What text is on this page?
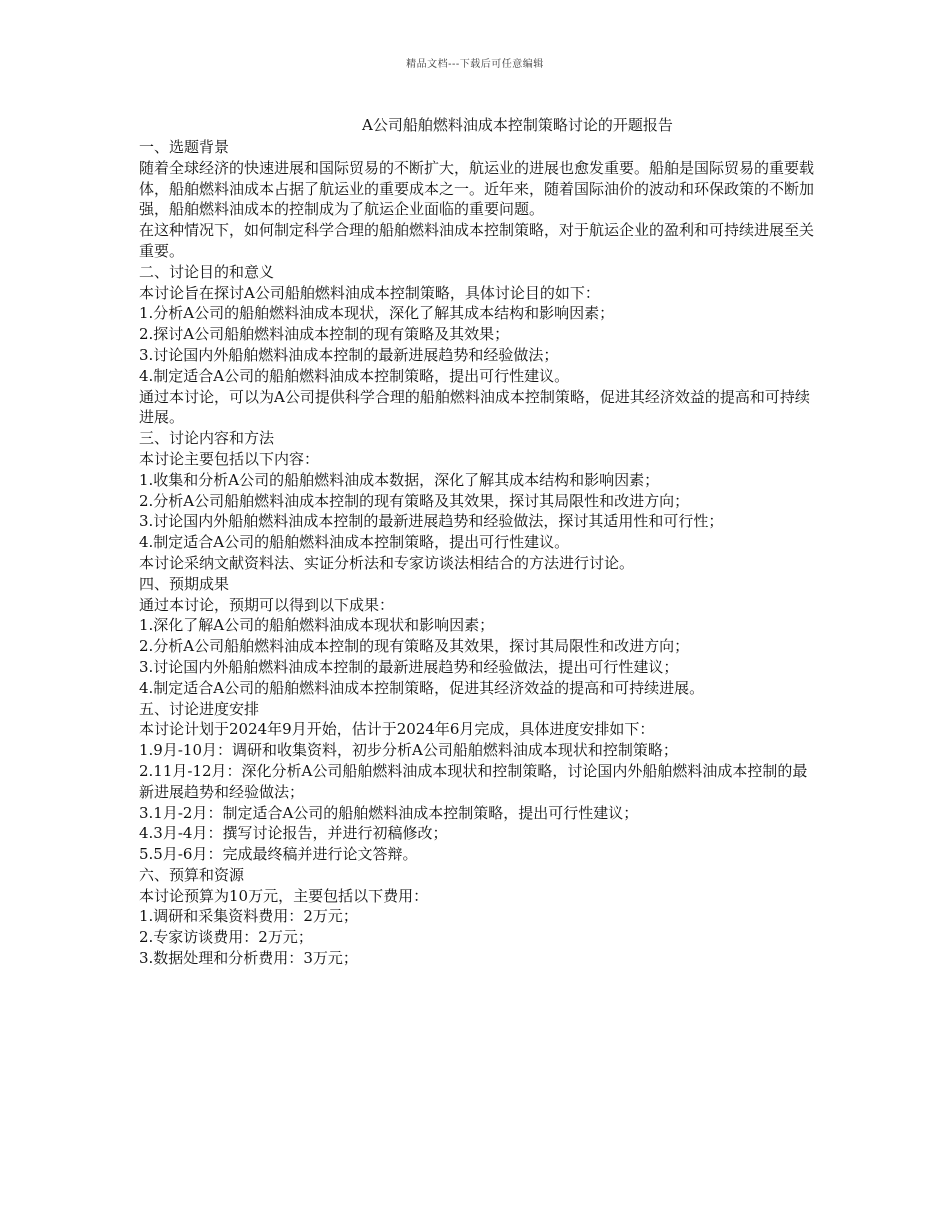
精品文档---下载后可任意编辑
A公司船舶燃料油成本控制策略讨论的开题报告
一、选题背景
随着全球经济的快速进展和国际贸易的不断扩大，航运业的进展也愈发重要。船舶是国际贸易的重要载体，船舶燃料油成本占据了航运业的重要成本之一。近年来，随着国际油价的波动和环保政策的不断加强，船舶燃料油成本的控制成为了航运企业面临的重要问题。
在这种情况下，如何制定科学合理的船舶燃料油成本控制策略，对于航运企业的盈利和可持续进展至关重要。
二、讨论目的和意义
本讨论旨在探讨A公司船舶燃料油成本控制策略，具体讨论目的如下：
1.分析A公司的船舶燃料油成本现状，深化了解其成本结构和影响因素；
2.探讨A公司船舶燃料油成本控制的现有策略及其效果；
3.讨论国内外船舶燃料油成本控制的最新进展趋势和经验做法；
4.制定适合A公司的船舶燃料油成本控制策略，提出可行性建议。
通过本讨论，可以为A公司提供科学合理的船舶燃料油成本控制策略，促进其经济效益的提高和可持续进展。
三、讨论内容和方法
本讨论主要包括以下内容：
1.收集和分析A公司的船舶燃料油成本数据，深化了解其成本结构和影响因素；
2.分析A公司船舶燃料油成本控制的现有策略及其效果，探讨其局限性和改进方向；
3.讨论国内外船舶燃料油成本控制的最新进展趋势和经验做法，探讨其适用性和可行性；
4.制定适合A公司的船舶燃料油成本控制策略，提出可行性建议。
本讨论采纳文献资料法、实证分析法和专家访谈法相结合的方法进行讨论。
四、预期成果
通过本讨论，预期可以得到以下成果：
1.深化了解A公司的船舶燃料油成本现状和影响因素；
2.分析A公司船舶燃料油成本控制的现有策略及其效果，探讨其局限性和改进方向；
3.讨论国内外船舶燃料油成本控制的最新进展趋势和经验做法，提出可行性建议；
4.制定适合A公司的船舶燃料油成本控制策略，促进其经济效益的提高和可持续进展。
五、讨论进度安排
本讨论计划于2024年9月开始，估计于2024年6月完成，具体进度安排如下：
1.9月-10月：调研和收集资料，初步分析A公司船舶燃料油成本现状和控制策略；
2.11月-12月：深化分析A公司船舶燃料油成本现状和控制策略，讨论国内外船舶燃料油成本控制的最新进展趋势和经验做法；
3.1月-2月：制定适合A公司的船舶燃料油成本控制策略，提出可行性建议；
4.3月-4月：撰写讨论报告，并进行初稿修改；
5.5月-6月：完成最终稿并进行论文答辩。
六、预算和资源
本讨论预算为10万元，主要包括以下费用：
1.调研和采集资料费用：2万元；
2.专家访谈费用：2万元；
3.数据处理和分析费用：3万元；
